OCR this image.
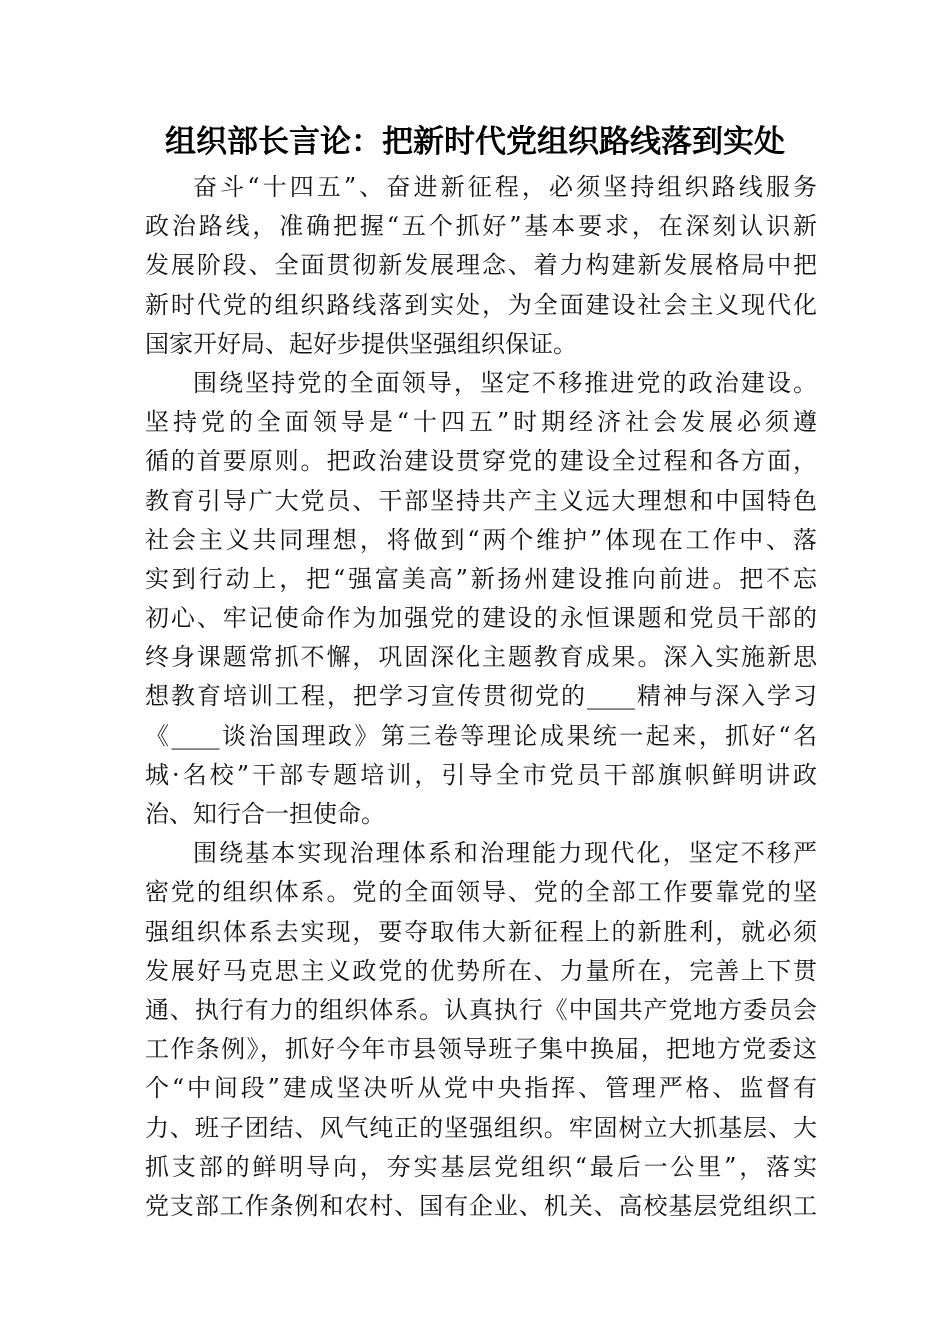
组织部长言论：把新时代党组织路线落到实处
奋斗“十四五”、奋进新征程，必须坚持组织路线服务
政治路线，准确把握“五个抓好”基本要求，在深刻认识新
发展阶段、全面贯彻新发展理念、着力构建新发展格局中把
新时代党的组织路线落到实处，为全面建设社会主义现代化
国家开好局、起好步提供坚强组织保证。
围绕坚持党的全面领导，坚定不移推进党的政治建设。
坚持党的全面领导是“十四五”时期经济社会发展必须遵
循的首要原则。把政治建设贯穿党的建设全过程和各方面，
教育引导广大党员、干部坚持共产主义远大理想和中国特色
社会主义共同理想，将做到“两个维护”体现在工作中、落
实到行动上，把“强富美高”新扬州建设推向前进。把不忘
初心、牢记使命作为加强党的建设的永恒课题和党员干部的
终身课题常抓不懈，巩固深化主题教育成果。深入实施新思
想教育培训工程，把学习宣传贯彻党的____精神与深入学习
《____谈治国理政》第三卷等理论成果统一起来，抓好“名
城·名校”干部专题培训，引导全市党员干部旗帜鲜明讲政
治、知行合一担使命。
围绕基本实现治理体系和治理能力现代化，坚定不移严
密党的组织体系。党的全面领导、党的全部工作要靠党的坚
强组织体系去实现，要夺取伟大新征程上的新胜利，就必须
发展好马克思主义政党的优势所在、力量所在，完善上下贯
通、执行有力的组织体系。认真执行《中国共产党地方委员会
工作条例》，抓好今年市县领导班子集中换届，把地方党委这
个“中间段”建成坚决听从党中央指挥、管理严格、监督有
力、班子团结、风气纯正的坚强组织。牢固树立大抓基层、大
抓支部的鲜明导向，夯实基层党组织“最后一公里”，落实
党支部工作条例和农村、国有企业、机关、高校基层党组织工
